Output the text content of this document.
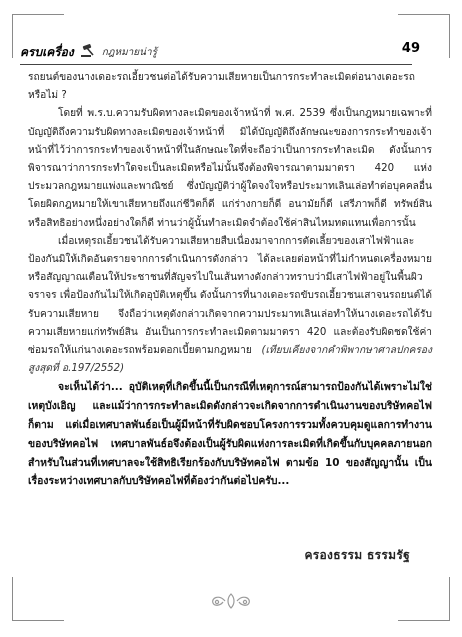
ครบเครื่อง	กฎหมายน่ารู้	49

รถยนต์ของนางเดอะรถเอี้ยวชนต่อได้รับความเสียหายเป็นการกระทำละเมิดต่อนางเดอะรถหรือไม่ ?

โดยที่ พ.ร.บ.ความรับผิดทางละเมิดของเจ้าหน้าที่ พ.ศ. 2539 ซึ่งเป็นกฎหมายเฉพาะที่บัญญัติถึงความรับผิดทางละเมิดของเจ้าหน้าที่ มิได้บัญญัติถึงลักษณะของการกระทำของเจ้าหน้าที่ไว้ว่าการกระทำของเจ้าหน้าที่ในลักษณะใดที่จะถือว่าเป็นการกระทำละเมิด ดังนั้นการพิจารณาว่าการกระทำใดจะเป็นละเมิดหรือไม่นั้นจึงต้องพิจารณาตามมาตรา 420 แห่งประมวลกฎหมายแพ่งและพาณิชย์ ซึ่งบัญญัติว่าผู้ใดจงใจหรือประมาทเลินเล่อทำต่อบุคคลอื่นโดยผิดกฎหมายให้เขาเสียหายถึงแก่ชีวิตก็ดี แก่ร่างกายก็ดี อนามัยก็ดี เสรีภาพก็ดี ทรัพย์สิน หรือสิทธิอย่างหนึ่งอย่างใดก็ดี ท่านว่าผู้นั้นทำละเมิดจำต้องใช้ค่าสินไหมทดแทนเพื่อการนั้น

เมื่อเหตุรถเอี้ยวชนได้รับความเสียหายสืบเนื่องมาจากการตัดเลี้ยวของเสาไฟฟ้าและป้องกันมิให้เกิดอันตรายจากการดำเนินการดังกล่าว ได้ละเลยต่อหน้าที่ไม่กำหนดเครื่องหมายหรือสัญญาณเตือนให้ประชาชนที่สัญจรไปในเส้นทางดังกล่าวทราบว่ามีเสาไฟฟ้าอยู่ในพื้นผิวจราจร เพื่อป้องกันไม่ให้เกิดอุบัติเหตุขึ้น ดังนั้นการที่นางเดอะรถขับรถเอี้ยวชนเสาจนรถยนต์ได้รับความเสียหาย จึงถือว่าเหตุดังกล่าวเกิดจากความประมาทเลินเล่อทำให้นางเดอะรถได้รับความเสียหายแก่ทรัพย์สิน อันเป็นการกระทำละเมิดตามมาตรา 420 และต้องรับผิดชดใช้ค่าซ่อมรถให้แก่นางเดอะรถพร้อมดอกเบี้ยตามกฎหมาย (เทียบเคียงจากคำพิพากษาศาลปกครองสูงสุดที่ อ.197/2552)

จะเห็นได้ว่า... อุบัติเหตุที่เกิดขึ้นนี้เป็นกรณีที่เหตุการณ์สามารถป้องกันได้เพราะไม่ใช่เหตุบังเอิญ และแม้ว่าการกระทำละเมิดดังกล่าวจะเกิดจากการดำเนินงานของบริษัทคอไฟก็ตาม แต่เมื่อเทศบาลพันธ์อเป็นผู้มีหน้าที่รับผิดชอบโครงการรวมทั้งควบคุมดูแลการทำงานของบริษัทคอไฟ เทศบาลพันธ์อจึงต้องเป็นผู้รับผิดแห่งการละเมิดที่เกิดขึ้นกับบุคคลภายนอก สำหรับในส่วนที่เทศบาลจะใช้สิทธิเรียกร้องกับบริษัทคอไฟ ตามข้อ 10 ของสัญญานั้น เป็นเรื่องระหว่างเทศบาลกับบริษัทคอไฟที่ต้องว่ากันต่อไปครับ...

ครองธรรม ธรรมรัฐ
